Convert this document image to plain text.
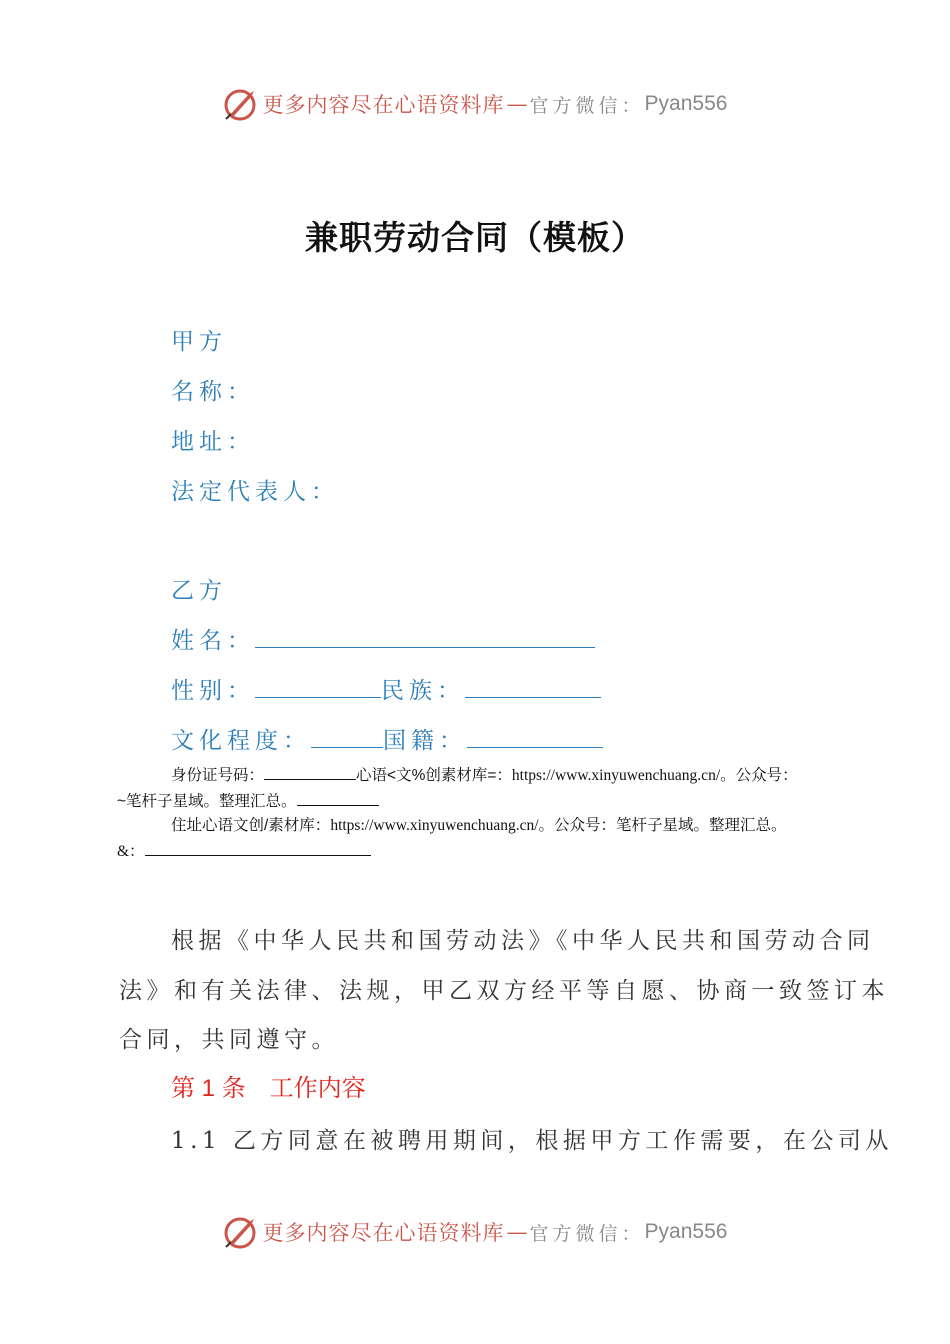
更多内容尽在心语资料库 — 官方微信： Pyan556
兼职劳动合同（模板）
甲方
名称：
地址：
法定代表人：
乙方
姓名：
性别：	民族：
文化程度：	国籍：
身份证号码：	心语<文%创素材库=：https://www.xinyuwenchuang.cn/。公众号：
~笔杆子星域。整理汇总。
住址心语文创/素材库：https://www.xinyuwenchuang.cn/。公众号：笔杆子星域。整理汇总。
&：
根据《中华人民共和国劳动法》《中华人民共和国劳动合同
法》和有关法律、法规，甲乙双方经平等自愿、协商一致签订本
合同，共同遵守。
第 1 条　工作内容
1.1 乙方同意在被聘用期间，根据甲方工作需要，在公司从
更多内容尽在心语资料库 — 官方微信： Pyan556
